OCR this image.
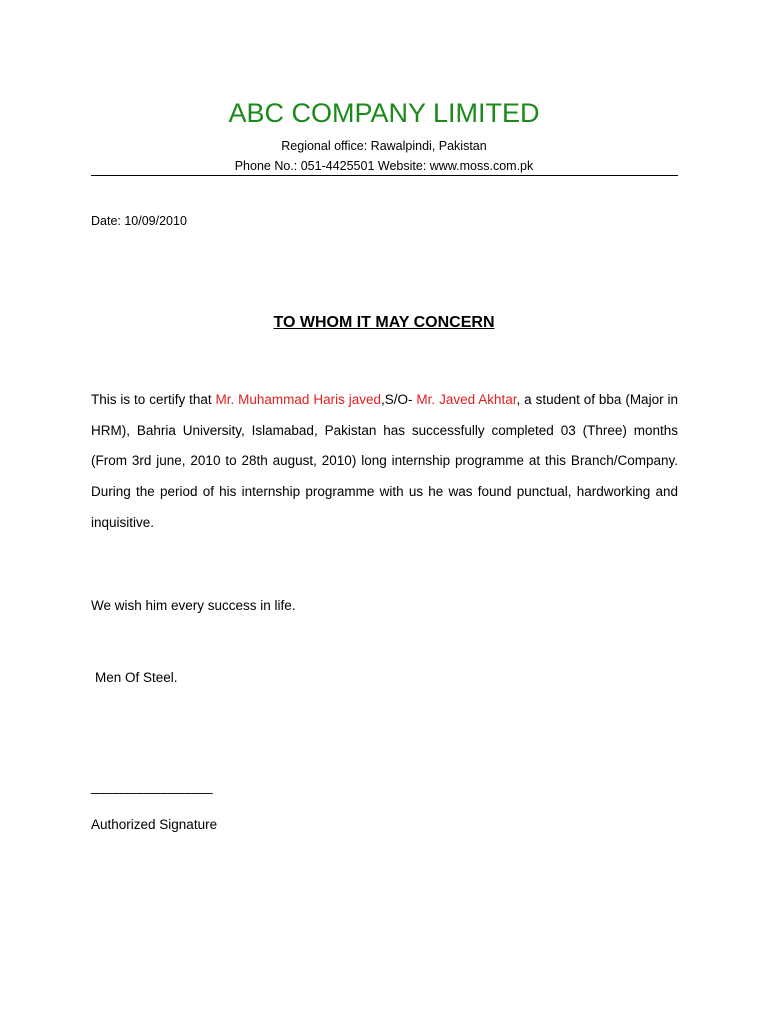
ABC COMPANY LIMITED
Regional office: Rawalpindi, Pakistan
Phone No.: 051-4425501 Website: www.moss.com.pk
Date: 10/09/2010
TO WHOM IT MAY CONCERN
This is to certify that Mr. Muhammad Haris javed,S/O- Mr. Javed Akhtar, a student of bba (Major in HRM), Bahria University, Islamabad, Pakistan has successfully completed 03 (Three) months (From 3rd june, 2010 to 28th august, 2010) long internship programme at this Branch/Company. During the period of his internship programme with us he was found punctual, hardworking and inquisitive.
We wish him every success in life.
Men Of Steel.
____________________
Authorized Signature
